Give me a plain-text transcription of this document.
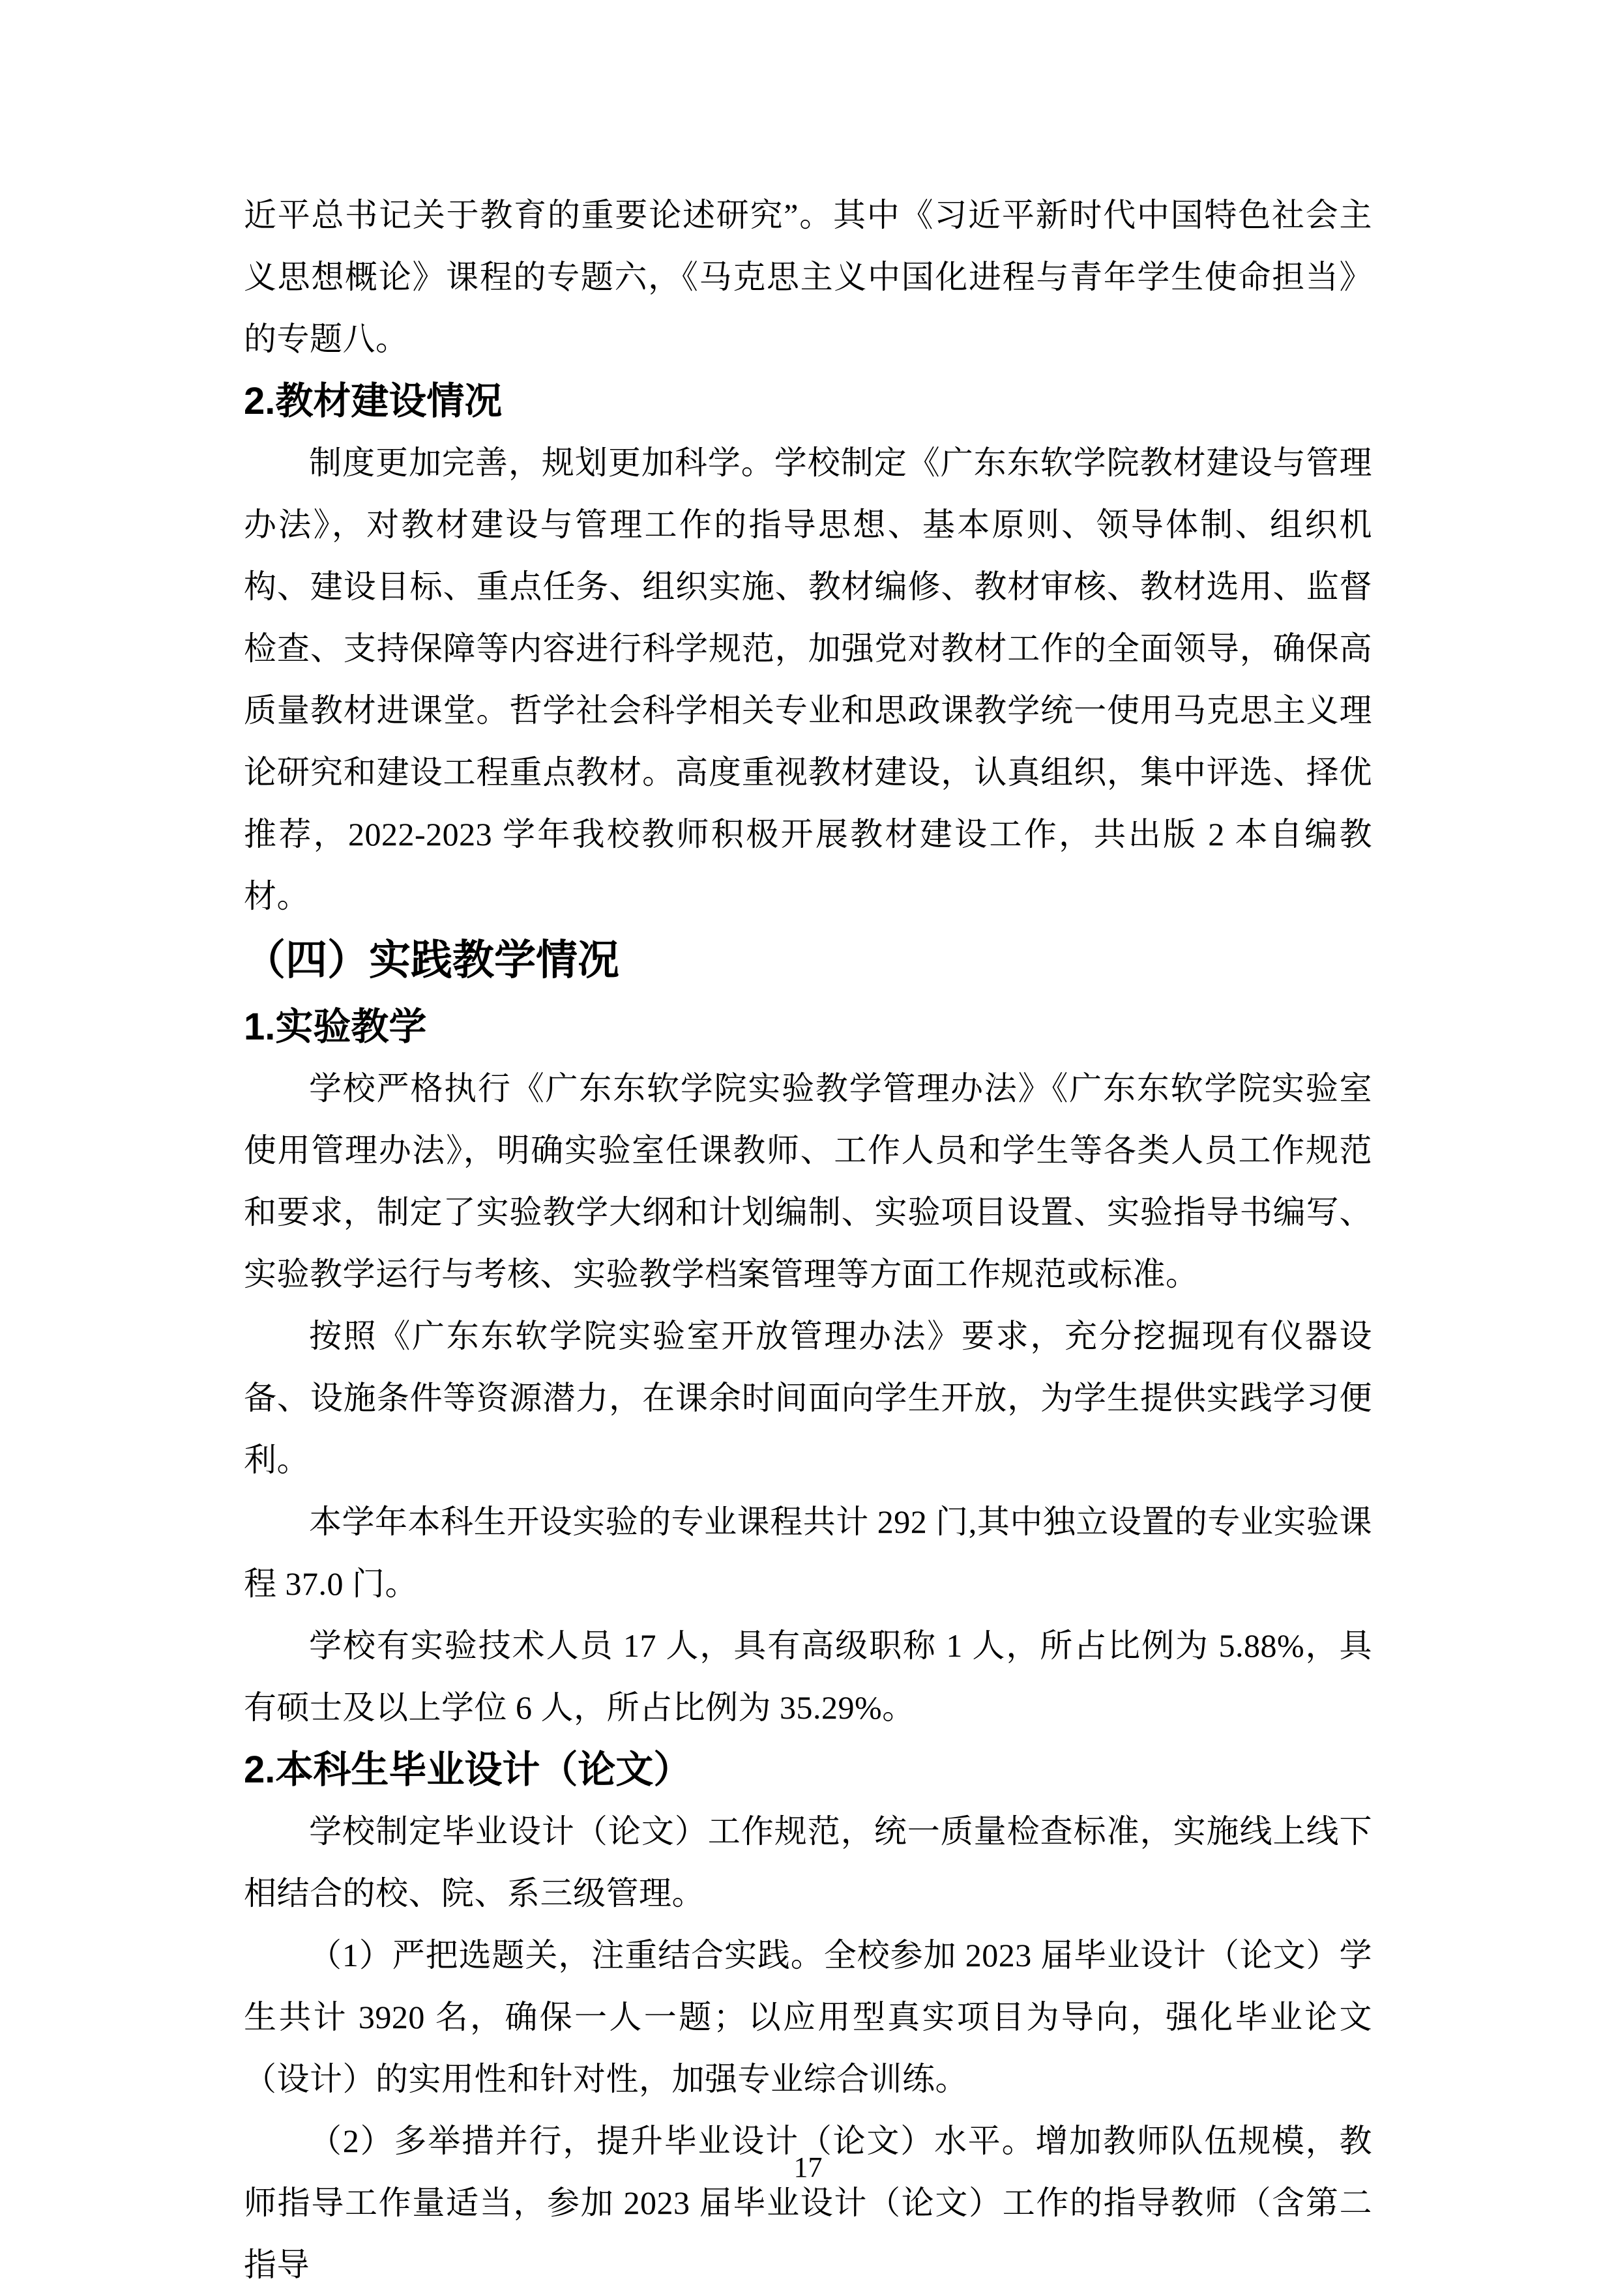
近平总书记关于教育的重要论述研究”。其中《习近平新时代中国特色社会主义思想概论》课程的专题六，《马克思主义中国化进程与青年学生使命担当》的专题八。

2.教材建设情况

制度更加完善，规划更加科学。学校制定《广东东软学院教材建设与管理办法》，对教材建设与管理工作的指导思想、基本原则、领导体制、组织机构、建设目标、重点任务、组织实施、教材编修、教材审核、教材选用、监督检查、支持保障等内容进行科学规范，加强党对教材工作的全面领导，确保高质量教材进课堂。哲学社会科学相关专业和思政课教学统一使用马克思主义理论研究和建设工程重点教材。高度重视教材建设，认真组织，集中评选、择优推荐，2022-2023 学年我校教师积极开展教材建设工作，共出版 2 本自编教材。

（四）实践教学情况
1.实验教学

学校严格执行《广东东软学院实验教学管理办法》《广东东软学院实验室使用管理办法》，明确实验室任课教师、工作人员和学生等各类人员工作规范和要求，制定了实验教学大纲和计划编制、实验项目设置、实验指导书编写、实验教学运行与考核、实验教学档案管理等方面工作规范或标准。

按照《广东东软学院实验室开放管理办法》要求，充分挖掘现有仪器设备、设施条件等资源潜力，在课余时间面向学生开放，为学生提供实践学习便利。

本学年本科生开设实验的专业课程共计 292 门,其中独立设置的专业实验课程 37.0 门。

学校有实验技术人员 17 人，具有高级职称 1 人，所占比例为 5.88%，具有硕士及以上学位 6 人，所占比例为 35.29%。

2.本科生毕业设计（论文）

学校制定毕业设计（论文）工作规范，统一质量检查标准，实施线上线下相结合的校、院、系三级管理。

（1）严把选题关，注重结合实践。全校参加 2023 届毕业设计（论文）学生共计 3920 名，确保一人一题；以应用型真实项目为导向，强化毕业论文（设计）的实用性和针对性，加强专业综合训练。

（2）多举措并行，提升毕业设计（论文）水平。增加教师队伍规模，教师指导工作量适当，参加 2023 届毕业设计（论文）工作的指导教师（含第二指导

17
